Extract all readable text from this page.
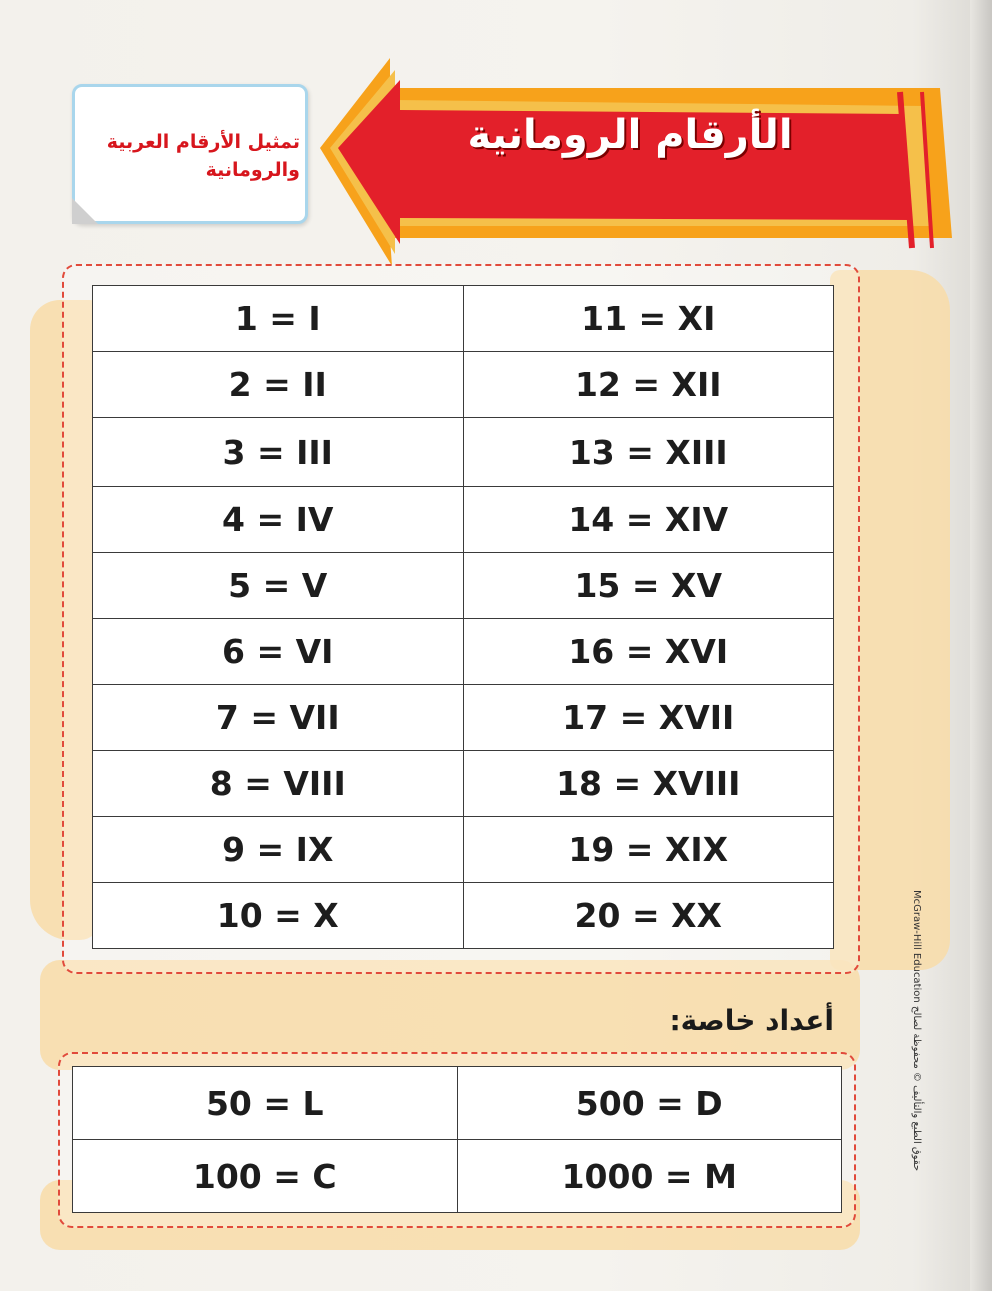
الأرقام الرومانية
تمثيل الأرقام العربية والرومانية
1 = I	11 = XI
2 = II	12 = XII
3 = III	13 = XIII
4 = IV	14 = XIV
5 = V	15 = XV
6 = VI	16 = XVI
7 = VII	17 = XVII
8 = VIII	18 = XVIII
9 = IX	19 = XIX
10 = X	20 = XX
أعداد خاصة:
50 = L	500 = D
100 = C	1000 = M
McGraw-Hill Education حقوق الطبع والتأليف © محفوظة لصالح
